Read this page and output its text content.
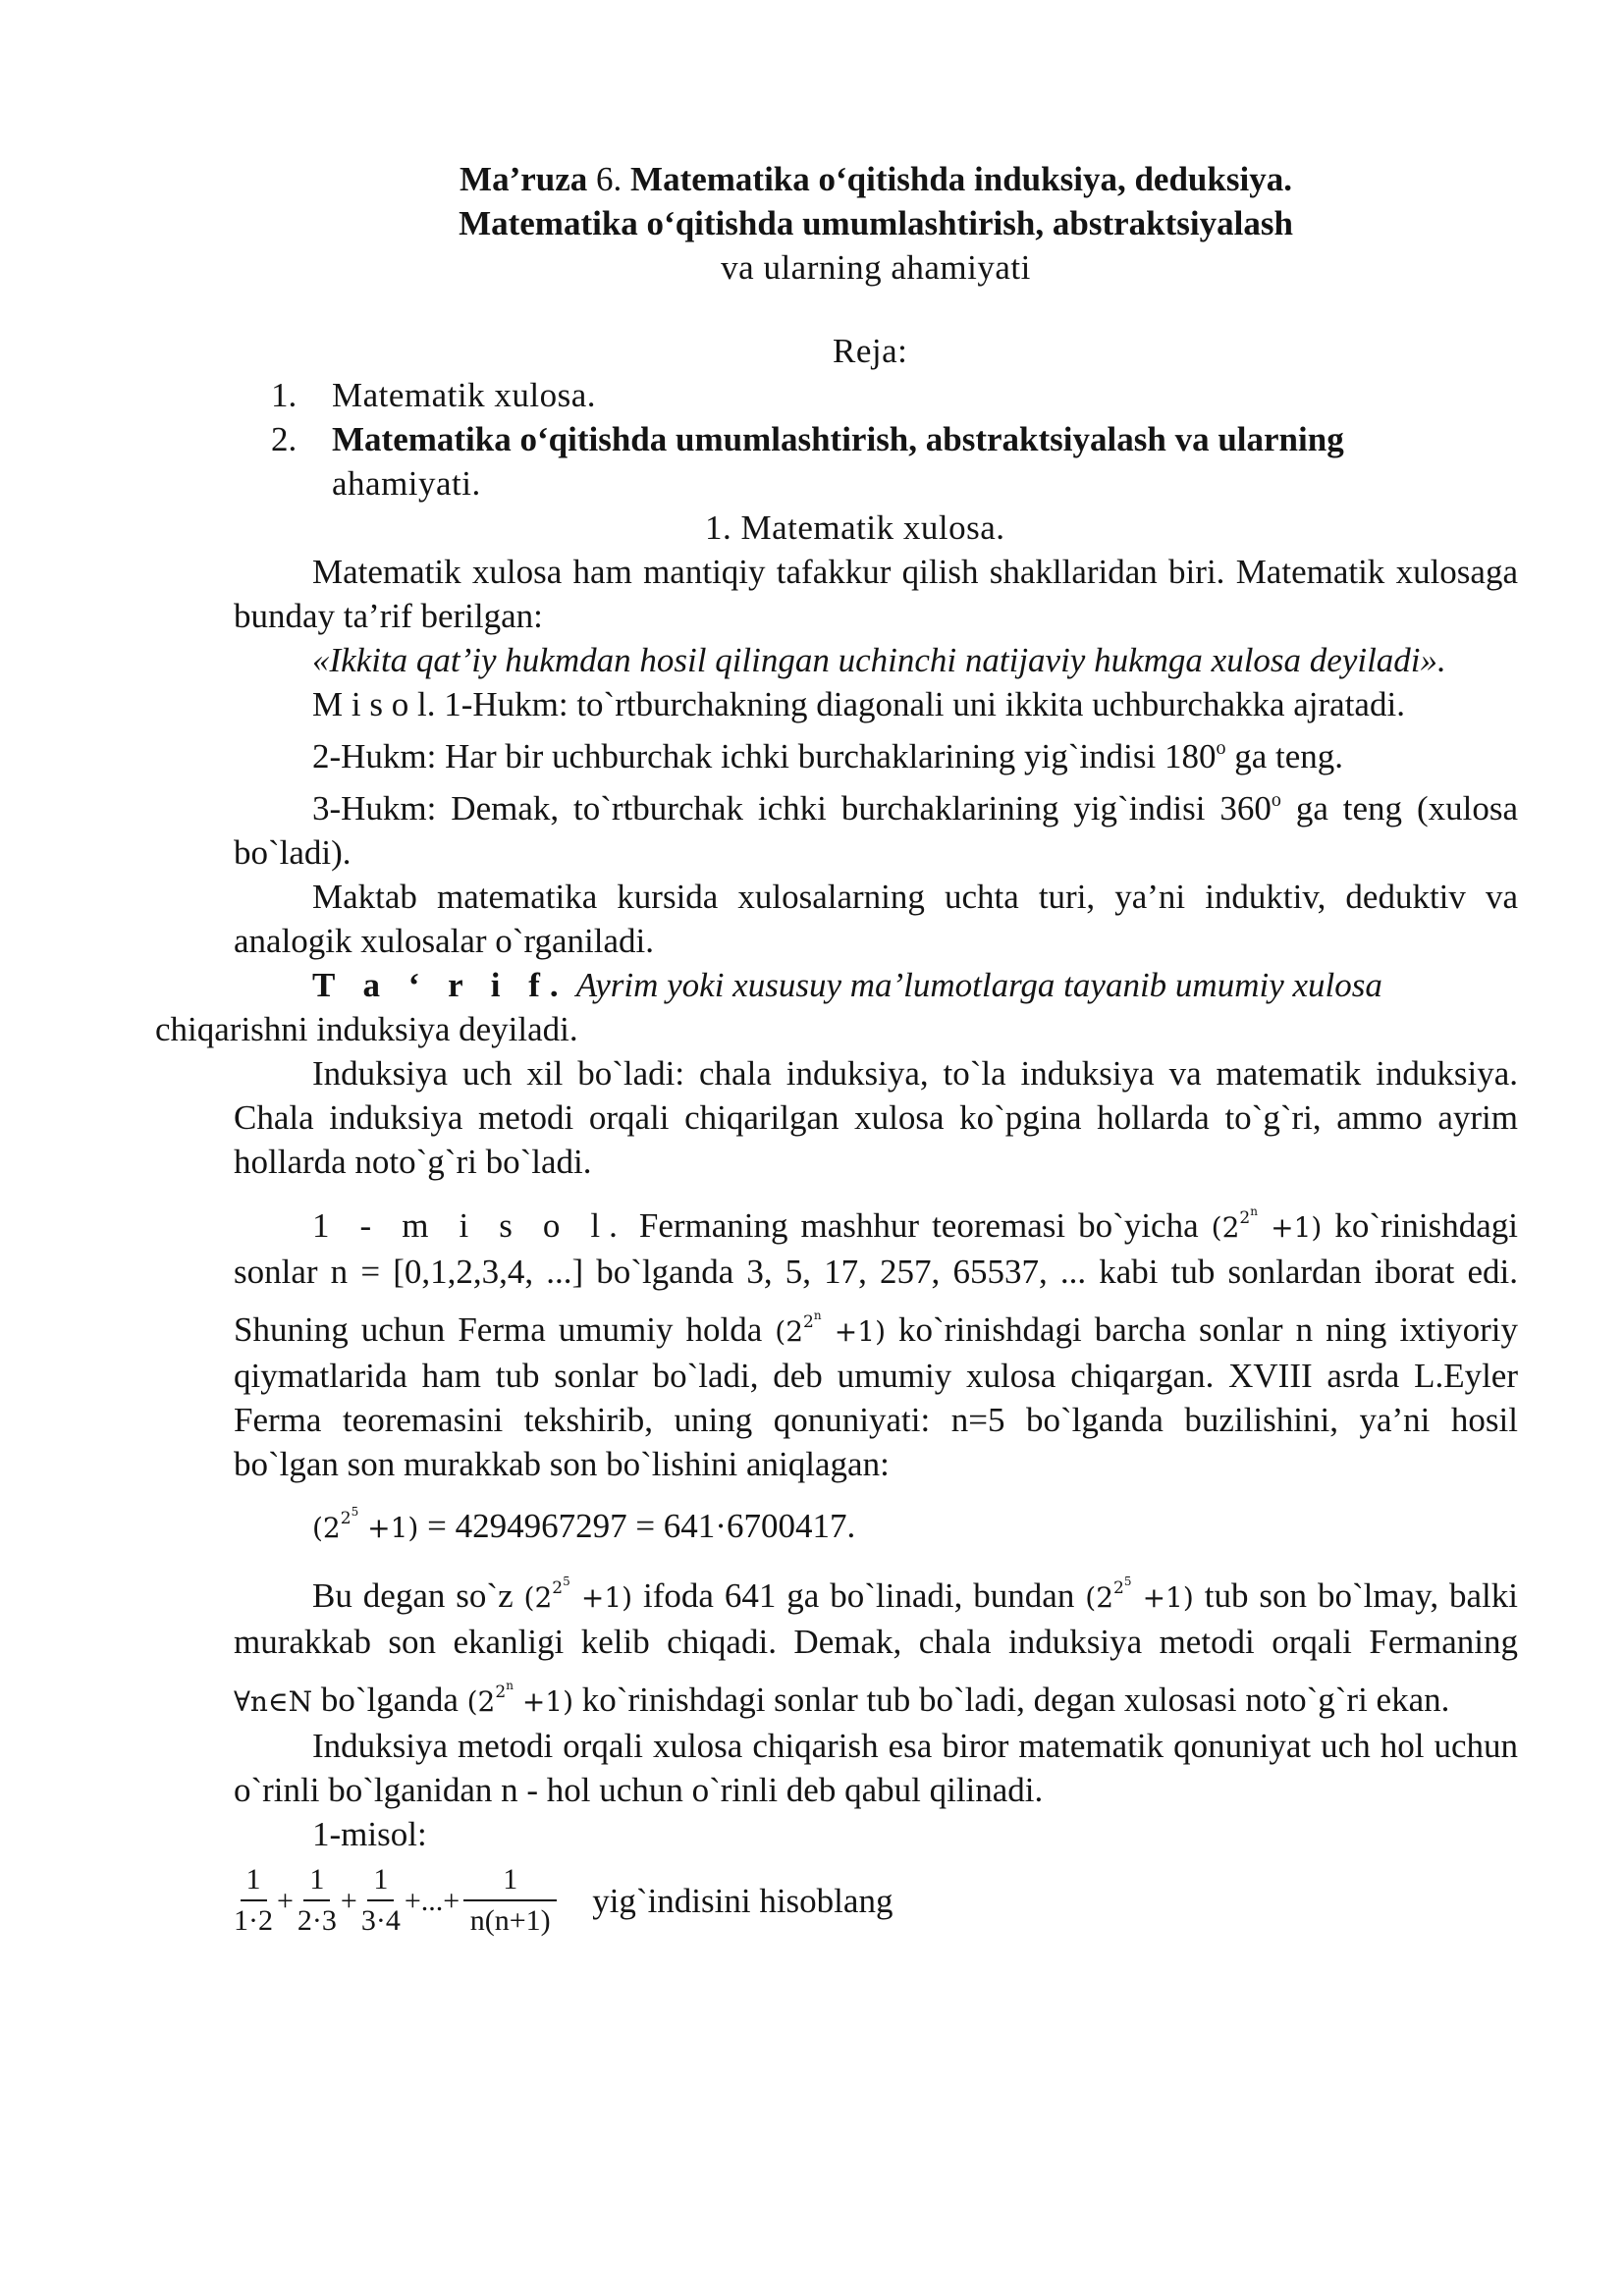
Ma’ruza 6. Matematika o‘qitishda induksiya, deduksiya.
Matematika o‘qitishda umumlashtirish, abstraktsiyalash
va ularning ahamiyati
Reja:
1. Matematik xulosa.
2. Matematika o‘qitishda umumlashtirish, abstraktsiyalash va ularning
ahamiyati.
1. Matematik xulosa.
Matematik xulosa ham mantiqiy tafakkur qilish shakllaridan biri. Matematik xulosaga bunday ta’rif berilgan:
«Ikkita qat’iy hukmdan hosil qilingan uchinchi natijaviy hukmga xulosa deyiladi».
M i s o l. 1-Hukm: to`rtburchakning diagonali uni ikkita uchburchakka ajratadi.
2-Hukm: Har bir uchburchak ichki burchaklarining yig`indisi 180$^o$ ga teng.
3-Hukm: Demak, to`rtburchak ichki burchaklarining yig`indisi 360$^o$ ga teng (xulosa bo`ladi).
Maktab matematika kursida xulosalarning uchta turi, ya’ni induktiv, deduktiv va analogik xulosalar o`rganiladi.
T a ‘ r i f. Ayrim yoki xususuy ma’lumotlarga tayanib umumiy xulosa
chiqarishni induksiya deyiladi.
Induksiya uch xil bo`ladi: chala induksiya, to`la induksiya va matematik induksiya. Chala induksiya metodi orqali chiqarilgan xulosa ko`pgina hollarda to`g`ri, ammo ayrim hollarda noto`g`ri bo`ladi.
1 - m i s o l. Fermaning mashhur teoremasi bo`yicha $(2^{2^n} +1)$ ko`rinishdagi sonlar n = [0,1,2,3,4, ...] bo`lganda 3, 5, 17, 257, 65537, ... kabi tub sonlardan iborat edi. Shuning uchun Ferma umumiy holda $(2^{2^n} +1)$ ko`rinishdagi barcha sonlar n ning ixtiyoriy qiymatlarida ham tub sonlar bo`ladi, deb umumiy xulosa chiqargan. XVIII asrda L.Eyler Ferma teoremasini tekshirib, uning qonuniyati: n=5 bo`lganda buzilishini, ya’ni hosil bo`lgan son murakkab son bo`lishini aniqlagan:
$(2^{2^5} +1) = 4294967297 = 641\cdot 6700417$.
Bu degan so`z $(2^{2^5} +1)$ ifoda 641 ga bo`linadi, bundan $(2^{2^5} +1)$ tub son bo`lmay, balki murakkab son ekanligi kelib chiqadi. Demak, chala induksiya metodi orqali Fermaning ∀n∈N bo`lganda $(2^{2^n} +1)$ ko`rinishdagi sonlar tub bo`ladi, degan xulosasi noto`g`ri ekan.
Induksiya metodi orqali xulosa chiqarish esa biror matematik qonuniyat uch hol uchun o`rinli bo`lganidan n - hol uchun o`rinli deb qabul qilinadi.
1-misol:
$\frac{1}{1\cdot 2} + \frac{1}{2\cdot 3} + \frac{1}{3\cdot 4}$ +...+ $\frac{1}{n(n+1)}$ yig`indisini hisoblang
